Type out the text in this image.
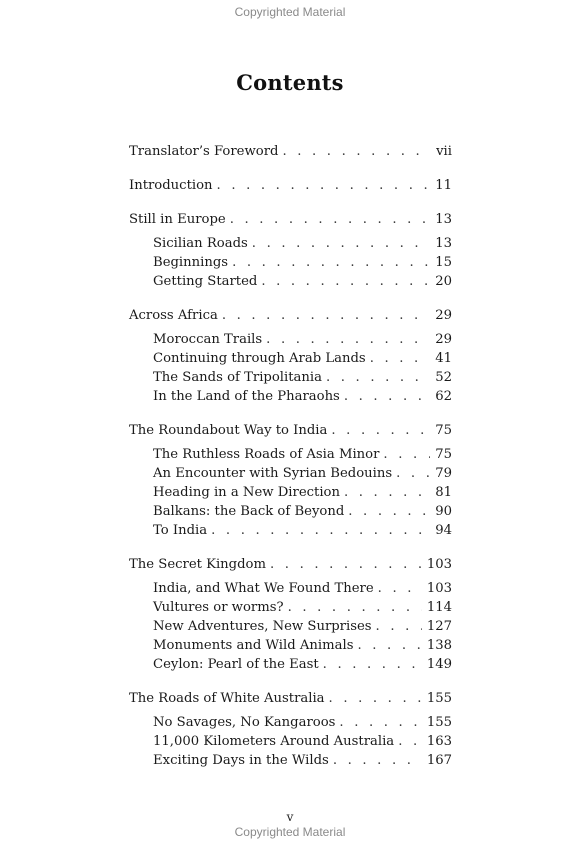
Copyrighted Material
Contents
Translator’s Foreword . . .	vii
Introduction . . .	11
Still in Europe . . .	13
Sicilian Roads . . .	13
Beginnings . . .	15
Getting Started . . .	20
Across Africa . . .	29
Moroccan Trails . . .	29
Continuing through Arab Lands . . .	41
The Sands of Tripolitania . . .	52
In the Land of the Pharaohs . . .	62
The Roundabout Way to India . . .	75
The Ruthless Roads of Asia Minor . . .	75
An Encounter with Syrian Bedouins . . .	79
Heading in a New Direction . . .	81
Balkans: the Back of Beyond . . .	90
To India . . .	94
The Secret Kingdom . . .	103
India, and What We Found There . . .	103
Vultures or worms? . . .	114
New Adventures, New Surprises . . .	127
Monuments and Wild Animals . . .	138
Ceylon: Pearl of the East . . .	149
The Roads of White Australia . . .	155
No Savages, No Kangaroos . . .	155
11,000 Kilometers Around Australia . . . 163
Exciting Days in the Wilds . . .	167
v
Copyrighted Material
